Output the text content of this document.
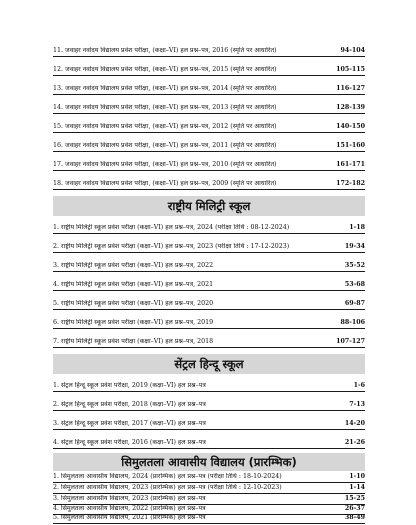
11. जवाहर नवोदय विद्यालय प्रवेश परीक्षा, (कक्षा–VI) हल प्रश्न–पत्र, 2016 (स्मृति पर आधारित)	94-104
12. जवाहर नवोदय विद्यालय प्रवेश परीक्षा, (कक्षा–VI) हल प्रश्न–पत्र, 2015 (स्मृति पर आधारित)	105-115
13. जवाहर नवोदय विद्यालय प्रवेश परीक्षा, (कक्षा–VI) हल प्रश्न–पत्र, 2014 (स्मृति पर आधारित)	116-127
14. जवाहर नवोदय विद्यालय प्रवेश परीक्षा, (कक्षा–VI) हल प्रश्न–पत्र, 2013 (स्मृति पर आधारित)	128-139
15. जवाहर नवोदय विद्यालय प्रवेश परीक्षा, (कक्षा–VI) हल प्रश्न–पत्र, 2012 (स्मृति पर आधारित)	140-150
16. जवाहर नवोदय विद्यालय प्रवेश परीक्षा, (कक्षा–VI) हल प्रश्न–पत्र, 2011 (स्मृति पर आधारित)	151-160
17. जवाहर नवोदय विद्यालय प्रवेश परीक्षा, (कक्षा–VI) हल प्रश्न–पत्र, 2010 (स्मृति पर आधारित)	161-171
18. जवाहर नवोदय विद्यालय प्रवेश परीक्षा, (कक्षा–VI) हल प्रश्न–पत्र, 2009 (स्मृति पर आधारित)	172-182
राष्ट्रीय मिलिट्री स्कूल
1. राष्ट्रीय मिलिट्री स्कूल प्रवेश परीक्षा (कक्षा–VI) हल प्रश्न–पत्र, 2024 (परीक्षा तिथि : 08-12-2024)	1-18
2. राष्ट्रीय मिलिट्री स्कूल प्रवेश परीक्षा (कक्षा–VI) हल प्रश्न–पत्र, 2023 (परीक्षा तिथि : 17-12-2023)	19-34
3. राष्ट्रीय मिलिट्री स्कूल प्रवेश परीक्षा (कक्षा–VI) हल प्रश्न–पत्र, 2022	35-52
4. राष्ट्रीय मिलिट्री स्कूल प्रवेश परीक्षा (कक्षा–VI) हल प्रश्न–पत्र, 2021	53-68
5. राष्ट्रीय मिलिट्री स्कूल प्रवेश परीक्षा (कक्षा–VI) हल प्रश्न–पत्र, 2020	69-87
6. राष्ट्रीय मिलिट्री स्कूल प्रवेश परीक्षा (कक्षा–VI) हल प्रश्न–पत्र, 2019	88-106
7. राष्ट्रीय मिलिट्री स्कूल प्रवेश परीक्षा (कक्षा–VI) हल प्रश्न–पत्र, 2018	107-127
सेंट्रल हिन्दू स्कूल
1. सेंट्रल हिन्दू स्कूल प्रवेश परीक्षा, 2019 (कक्षा–VI) हल प्रश्न–पत्र	1-6
2. सेंट्रल हिन्दू स्कूल प्रवेश परीक्षा, 2018 (कक्षा–VI) हल प्रश्न–पत्र	7-13
3. सेंट्रल हिन्दू स्कूल प्रवेश परीक्षा, 2017 (कक्षा–VI) हल प्रश्न–पत्र	14-20
4. सेंट्रल हिन्दू स्कूल प्रवेश परीक्षा, 2016 (कक्षा–VI) हल प्रश्न–पत्र	21-26
सिमुलतला आवासीय विद्यालय (प्रारम्भिक)
1. सिमुलतला आवासीय विद्यालय, 2024 (प्रारम्भिक) हल प्रश्न–पत्र (परीक्षा तिथि : 18-10-2024)	1-10
2. सिमुलतला आवासीय विद्यालय, 2023 (प्रारम्भिक) हल प्रश्न–पत्र (परीक्षा तिथि : 12-10-2023)	1-14
3. सिमुलतला आवासीय विद्यालय, 2023 (प्रारम्भिक) हल प्रश्न–पत्र	15-25
4. सिमुलतला आवासीय विद्यालय, 2022 (प्रारम्भिक) हल प्रश्न–पत्र	26-37
5. सिमुलतला आवासीय विद्यालय, 2021 (प्रारम्भिक) हल प्रश्न–पत्र	38-49
